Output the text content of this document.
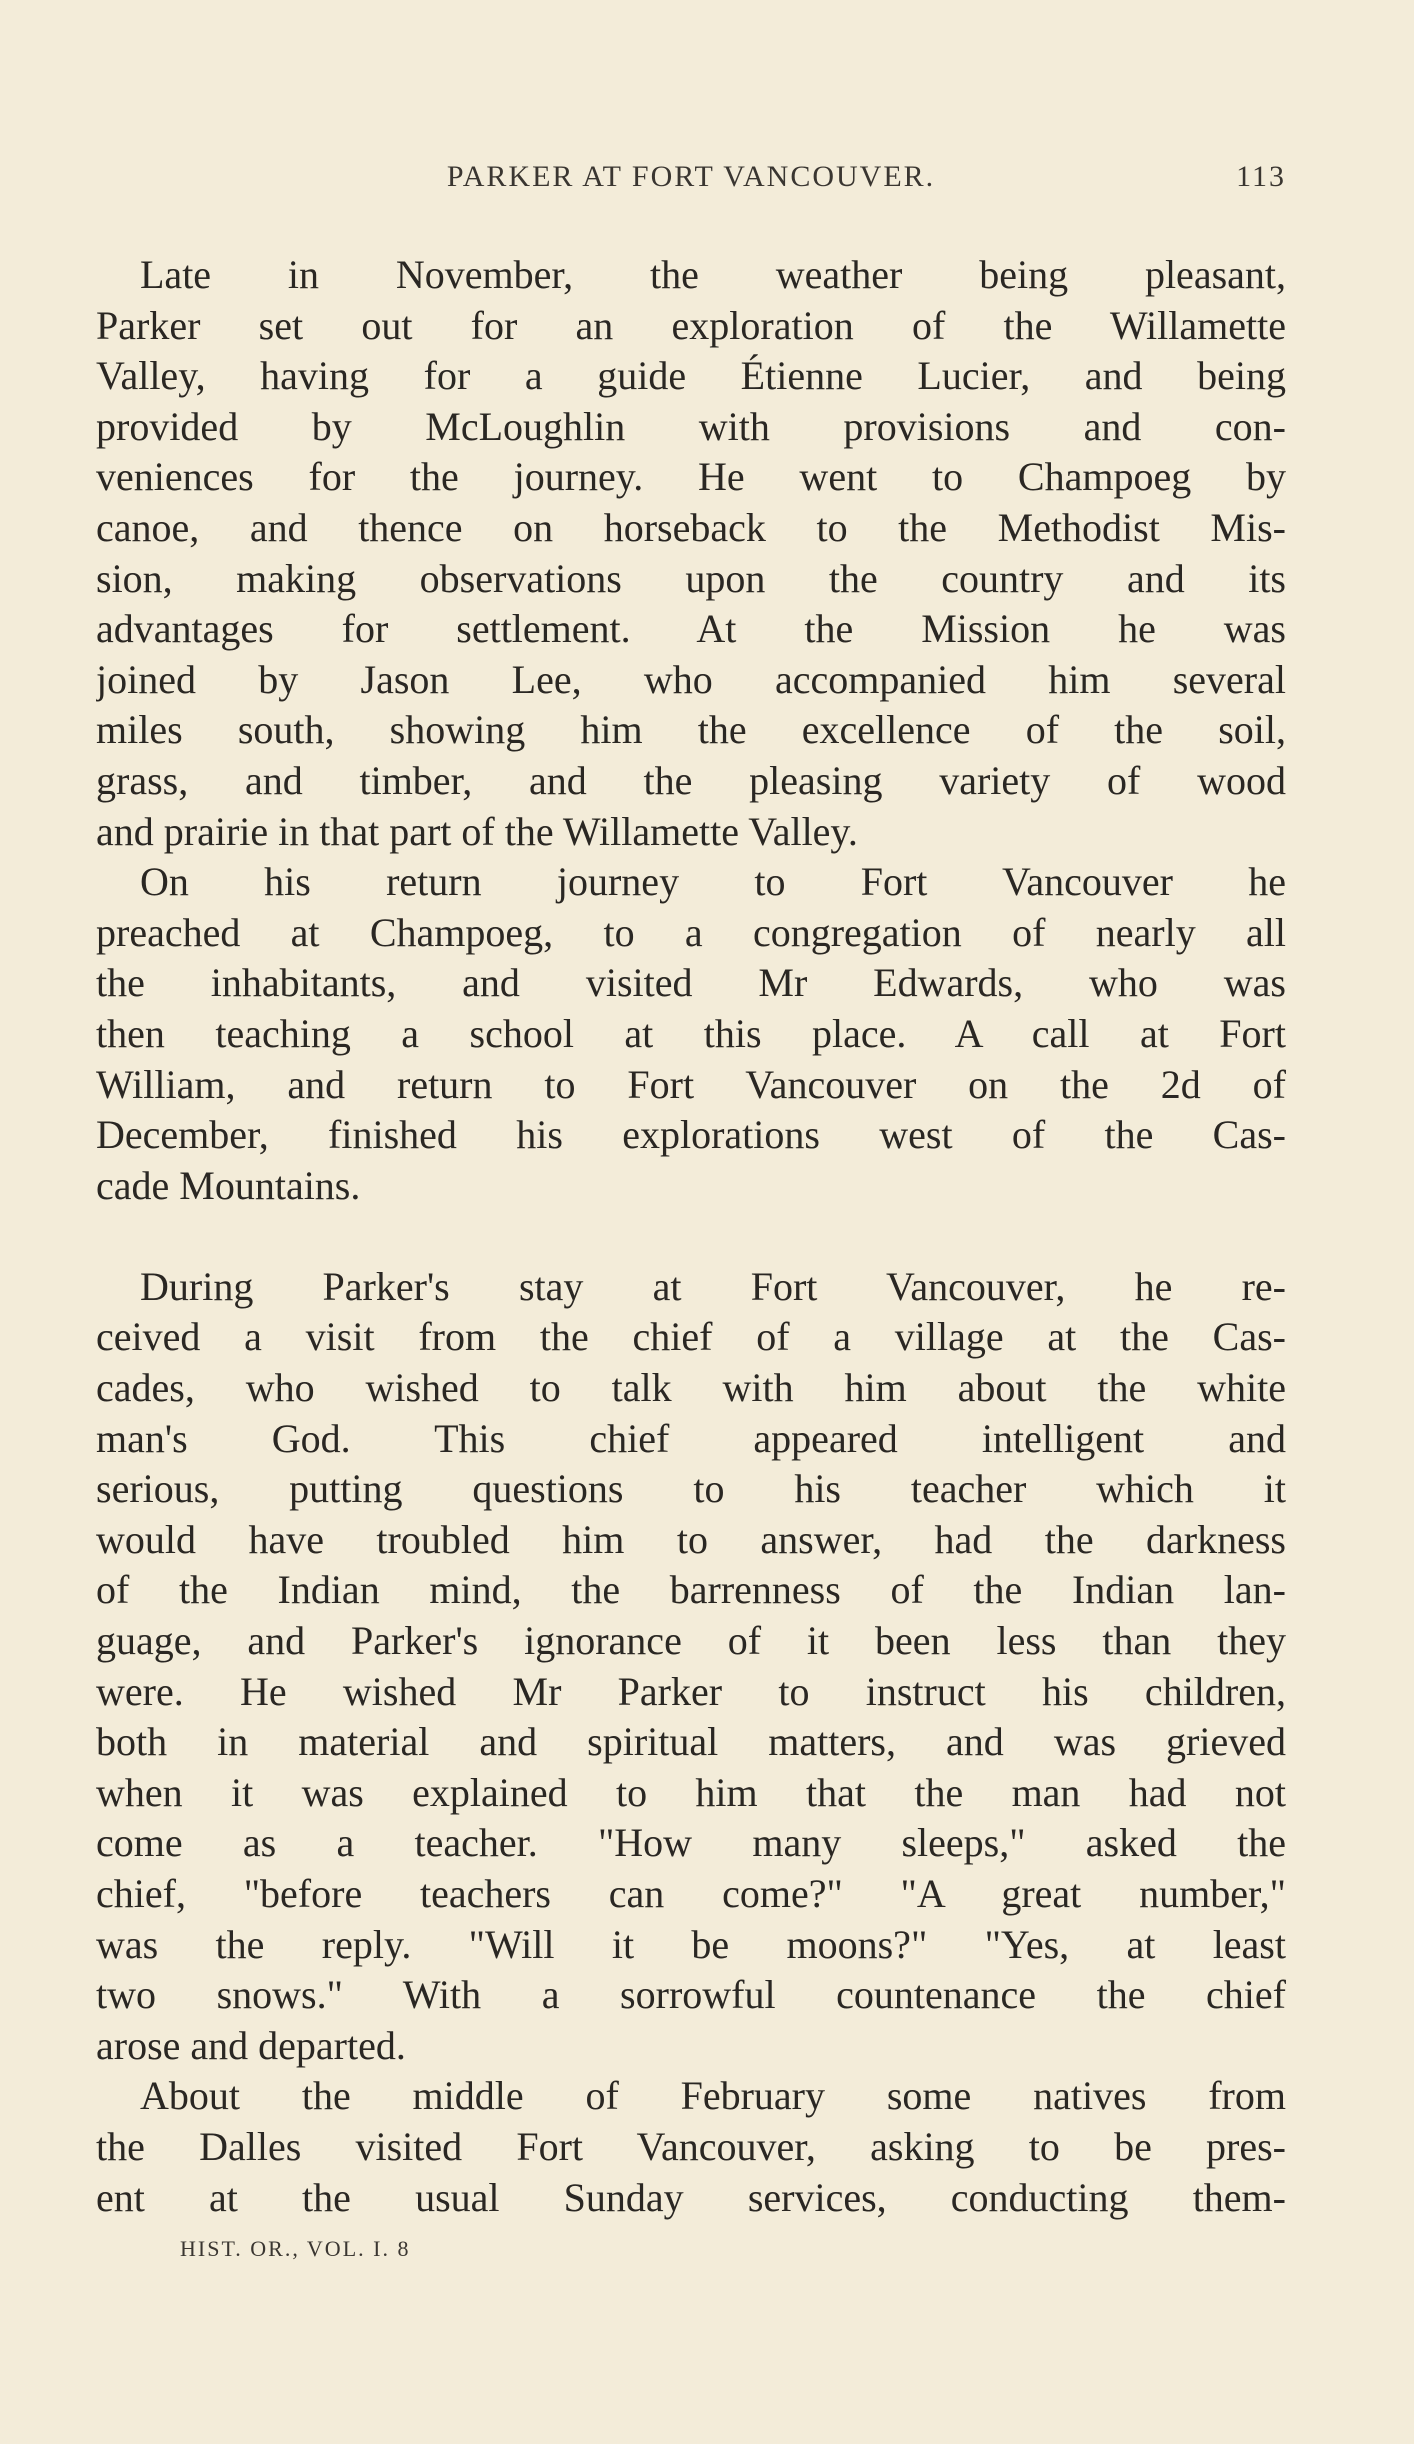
PARKER AT FORT VANCOUVER.	113
Late in November, the weather being pleasant,
Parker set out for an exploration of the Willamette
Valley, having for a guide Étienne Lucier, and being
provided by McLoughlin with provisions and con-
veniences for the journey. He went to Champoeg by
canoe, and thence on horseback to the Methodist Mis-
sion, making observations upon the country and its
advantages for settlement. At the Mission he was
joined by Jason Lee, who accompanied him several
miles south, showing him the excellence of the soil,
grass, and timber, and the pleasing variety of wood
and prairie in that part of the Willamette Valley.
On his return journey to Fort Vancouver he
preached at Champoeg, to a congregation of nearly all
the inhabitants, and visited Mr Edwards, who was
then teaching a school at this place. A call at Fort
William, and return to Fort Vancouver on the 2d of
December, finished his explorations west of the Cas-
cade Mountains.
During Parker's stay at Fort Vancouver, he re-
ceived a visit from the chief of a village at the Cas-
cades, who wished to talk with him about the white
man's God. This chief appeared intelligent and
serious, putting questions to his teacher which it
would have troubled him to answer, had the darkness
of the Indian mind, the barrenness of the Indian lan-
guage, and Parker's ignorance of it been less than they
were. He wished Mr Parker to instruct his children,
both in material and spiritual matters, and was grieved
when it was explained to him that the man had not
come as a teacher. "How many sleeps," asked the
chief, "before teachers can come?" "A great number,"
was the reply. "Will it be moons?" "Yes, at least
two snows." With a sorrowful countenance the chief
arose and departed.
About the middle of February some natives from
the Dalles visited Fort Vancouver, asking to be pres-
ent at the usual Sunday services, conducting them-
HIST. OR., VOL. I. 8
